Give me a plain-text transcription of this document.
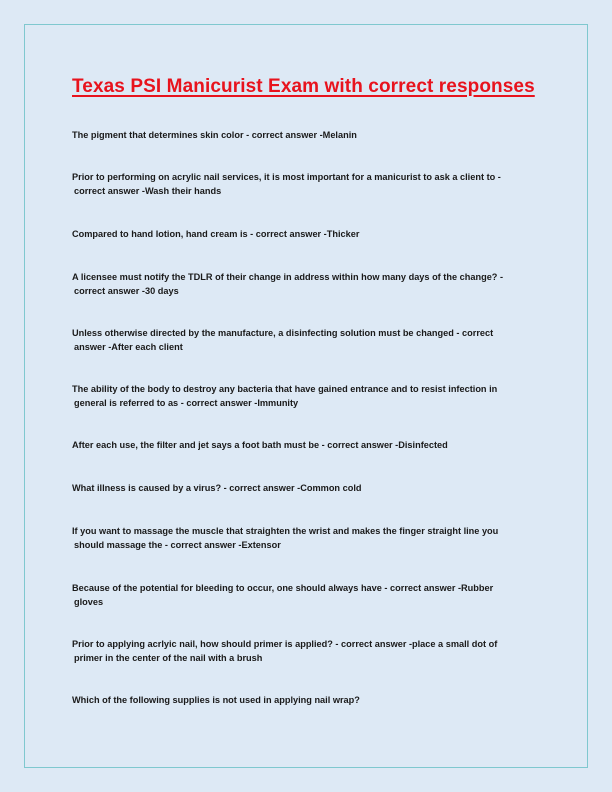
Texas PSI Manicurist Exam with correct responses
The pigment that determines skin color - correct answer -Melanin
Prior to performing on acrylic nail services, it is most important for a manicurist to ask a client to -
correct answer -Wash their hands
Compared to hand lotion, hand cream is - correct answer -Thicker
A licensee must notify the TDLR of their change in address within how many days of the change? -
correct answer -30 days
Unless otherwise directed by the manufacture, a disinfecting solution must be changed - correct
answer -After each client
The ability of the body to destroy any bacteria that have gained entrance and to resist infection in
general is referred to as - correct answer -Immunity
After each use, the filter and jet says a foot bath must be - correct answer -Disinfected
What illness is caused by a virus? - correct answer -Common cold
If you want to massage the muscle that straighten the wrist and makes the finger straight line you
should massage the - correct answer -Extensor
Because of the potential for bleeding to occur, one should always have - correct answer -Rubber
gloves
Prior to applying acrlyic nail, how should primer is applied? - correct answer -place a small dot of
primer in the center of the nail with a brush
Which of the following supplies is not used in applying nail wrap?
